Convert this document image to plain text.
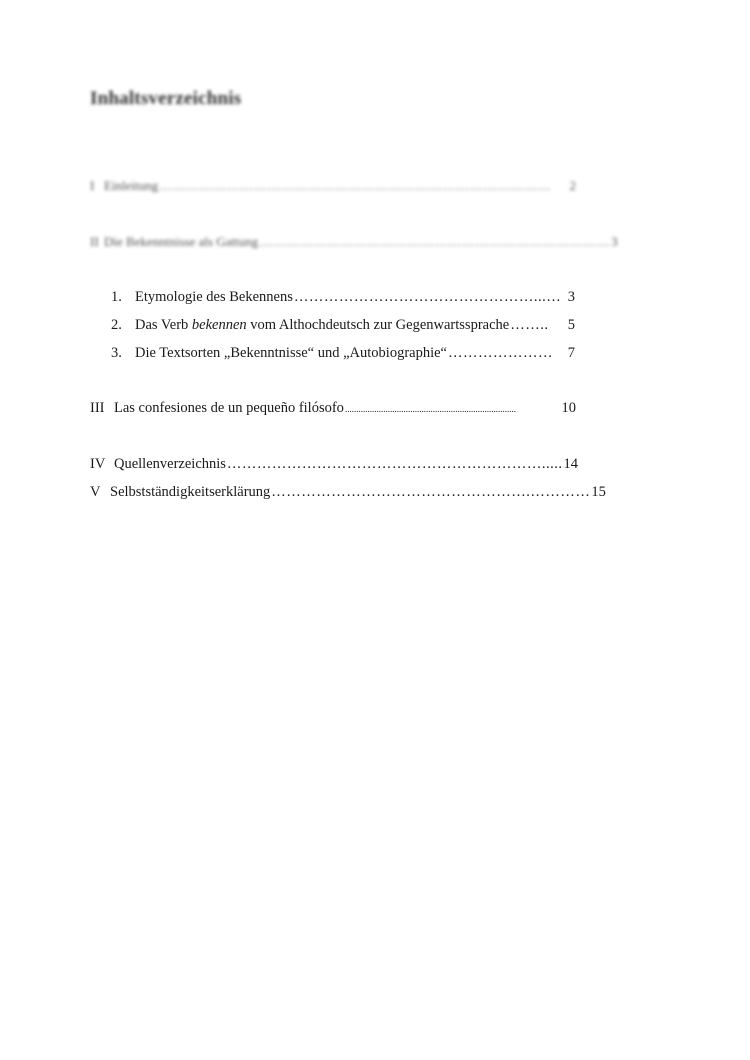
Inhaltsverzeichnis
I Einleitung ……………………………………………………………………………	2
II Die Bekenntnisse als Gattung …………………………………………………………………… 3
1. Etymologie des Bekennens …………………………………………...… 3
2. Das Verb bekennen vom Althochdeutsch zur Gegenwartssprache ……..	5
3. Die Textsorten „Bekenntnisse“ und „Autobiographie“ …………………	7
III Las confesiones de un pequeño filósofo ............................................................................	10
IV Quellenverzeichnis ………………………………………………………..... 14
V Selbstständigkeitserklärung …………………………………………….………… 15
